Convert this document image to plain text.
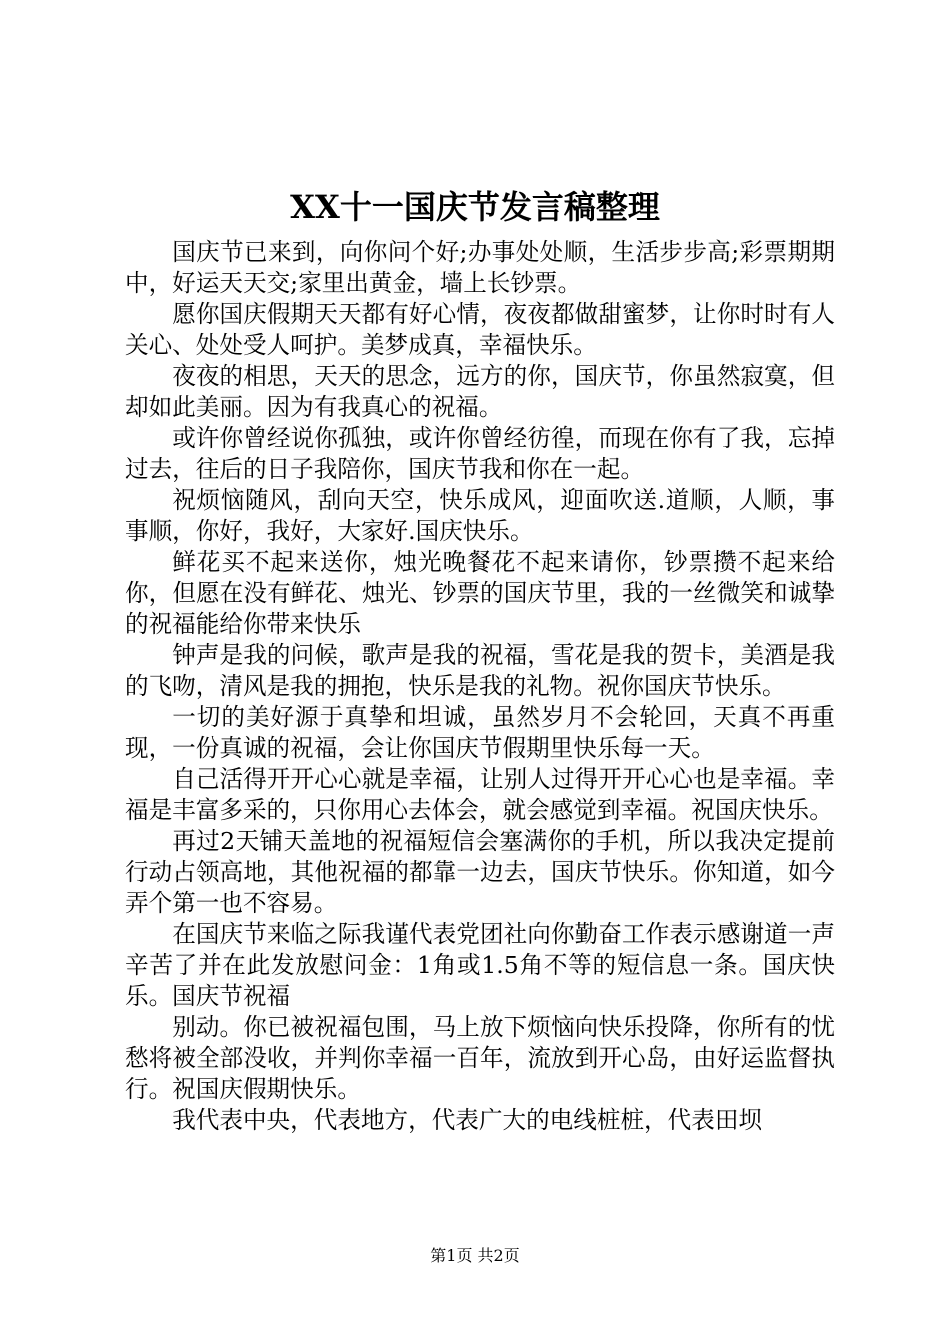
XX十一国庆节发言稿整理

国庆节已来到，向你问个好;办事处处顺，生活步步高;彩票期期中，好运天天交;家里出黄金，墙上长钞票。

愿你国庆假期天天都有好心情，夜夜都做甜蜜梦，让你时时有人关心、处处受人呵护。美梦成真，幸福快乐。

夜夜的相思，天天的思念，远方的你，国庆节，你虽然寂寞，但却如此美丽。因为有我真心的祝福。

或许你曾经说你孤独，或许你曾经彷徨，而现在你有了我，忘掉过去，往后的日子我陪你，国庆节我和你在一起。

祝烦恼随风，刮向天空，快乐成风，迎面吹送.道顺，人顺，事事顺，你好，我好，大家好.国庆快乐。

鲜花买不起来送你，烛光晚餐花不起来请你，钞票攒不起来给你，但愿在没有鲜花、烛光、钞票的国庆节里，我的一丝微笑和诚挚的祝福能给你带来快乐

钟声是我的问候，歌声是我的祝福，雪花是我的贺卡，美酒是我的飞吻，清风是我的拥抱，快乐是我的礼物。祝你国庆节快乐。

一切的美好源于真挚和坦诚，虽然岁月不会轮回，天真不再重现，一份真诚的祝福，会让你国庆节假期里快乐每一天。

自己活得开开心心就是幸福，让别人过得开开心心也是幸福。幸福是丰富多采的，只你用心去体会，就会感觉到幸福。祝国庆快乐。

再过2天铺天盖地的祝福短信会塞满你的手机，所以我决定提前行动占领高地，其他祝福的都靠一边去，国庆节快乐。你知道，如今弄个第一也不容易。

在国庆节来临之际我谨代表党团社向你勤奋工作表示感谢道一声辛苦了并在此发放慰问金：1角或1.5角不等的短信息一条。国庆快乐。国庆节祝福

别动。你已被祝福包围，马上放下烦恼向快乐投降，你所有的忧愁将被全部没收，并判你幸福一百年，流放到开心岛，由好运监督执行。祝国庆假期快乐。

我代表中央，代表地方，代表广大的电线桩桩，代表田坝

第1页 共2页
